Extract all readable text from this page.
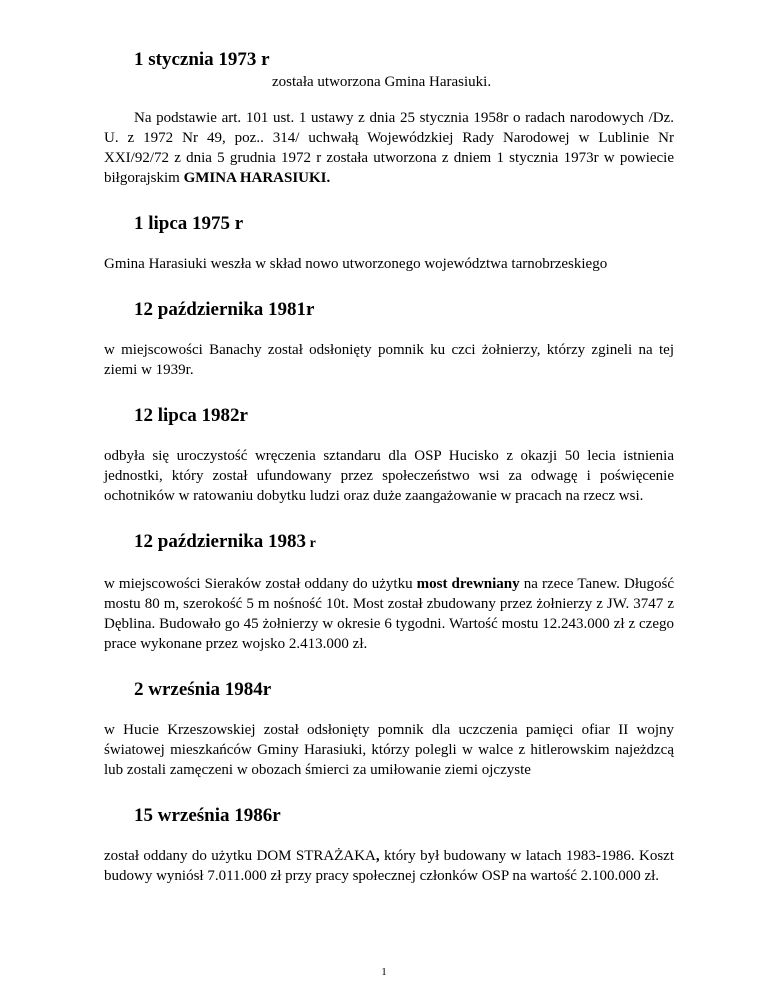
1 stycznia 1973 r
została utworzona Gmina Harasiuki.

Na podstawie art. 101 ust. 1 ustawy z dnia 25 stycznia 1958r o radach narodowych /Dz. U. z 1972 Nr 49, poz.. 314/ uchwałą Wojewódzkiej Rady Narodowej w Lublinie Nr XXI/92/72 z dnia 5 grudnia 1972 r została utworzona z dniem 1 stycznia 1973r w powiecie biłgorajskim GMINA HARASIUKI.

1 lipca 1975 r

Gmina Harasiuki weszła w skład nowo utworzonego województwa tarnobrzeskiego

12 października 1981r

w miejscowości Banachy został odsłonięty pomnik ku czci żołnierzy, którzy zgineli na tej ziemi w 1939r.

12 lipca 1982r

odbyła się uroczystość wręczenia sztandaru dla OSP Hucisko z okazji 50 lecia istnienia jednostki, który został ufundowany przez społeczeństwo wsi za odwagę i poświęcenie ochotników w ratowaniu dobytku ludzi oraz duże zaangażowanie w pracach na rzecz wsi.

12 października 1983 r

w miejscowości Sieraków został oddany do użytku most drewniany na rzece Tanew. Długość mostu 80 m, szerokość 5 m nośność 10t. Most został zbudowany przez żołnierzy z JW. 3747 z Dęblina. Budowało go 45 żołnierzy w okresie 6 tygodni. Wartość mostu 12.243.000 zł z czego prace wykonane przez wojsko 2.413.000 zł.

2 września 1984r

w Hucie Krzeszowskiej został odsłonięty pomnik dla uczczenia pamięci ofiar II wojny światowej mieszkańców Gminy Harasiuki, którzy polegli w walce z hitlerowskim najeżdzcą lub zostali zamęczeni w obozach śmierci za umiłowanie ziemi ojczyste

15 września 1986r

został oddany do użytku DOM STRAŻAKA, który był budowany w latach 1983-1986. Koszt budowy wyniósł 7.011.000 zł przy pracy społecznej członków OSP na wartość 2.100.000 zł.

1
